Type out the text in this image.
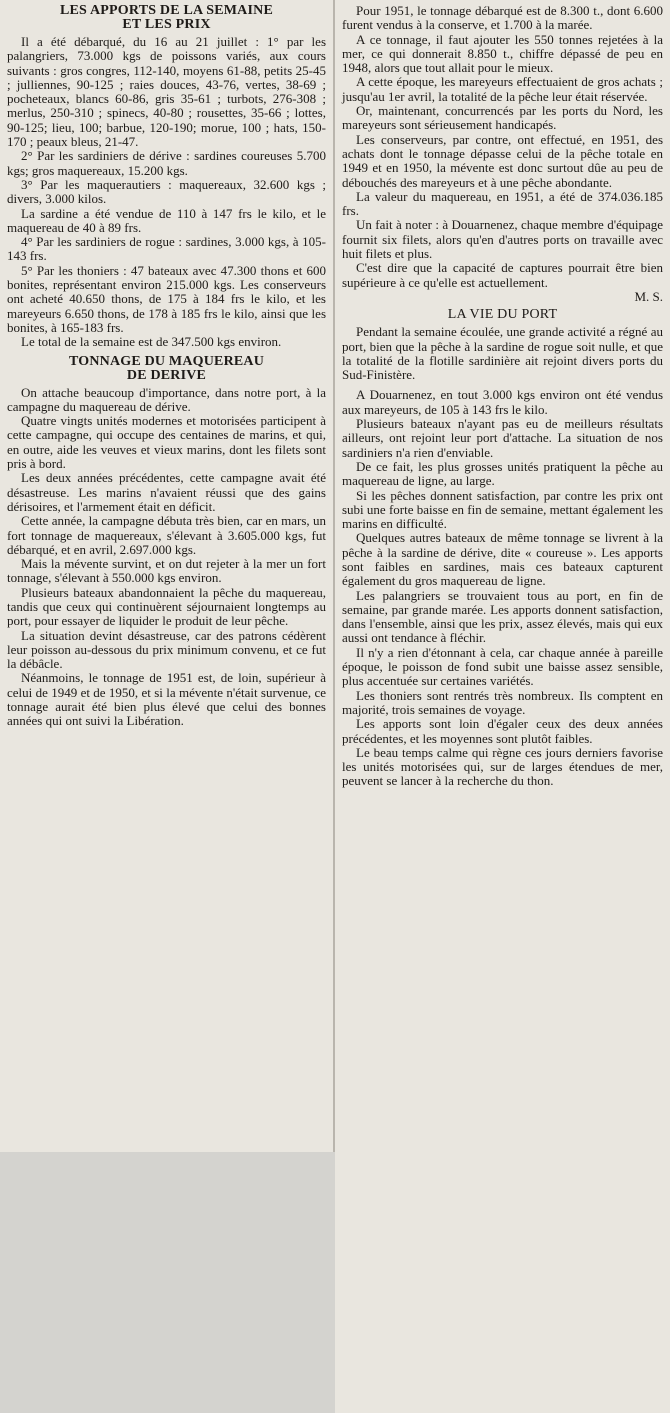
LES APPORTS DE LA SEMAINE
ET LES PRIX

Il a été débarqué, du 16 au 21 juillet : 1° par les palangriers, 73.000 kgs de poissons variés, aux cours suivants : gros congres, 112-140, moyens 61-88, petits 25-45 ; julliennes, 90-125 ; raies douces, 43-76, vertes, 38-69 ; pocheteaux, blancs 60-86, gris 35-61 ; turbots, 276-308 ; merlus, 250-310 ; spinecs, 40-80 ; rousettes, 35-66 ; lottes, 90-125; lieu, 100; barbue, 120-190; morue, 100 ; hats, 150-170 ; peaux bleus, 21-47.

2° Par les sardiniers de dérive : sardines coureuses 5.700 kgs; gros maquereaux, 15.200 kgs.

3° Par les maquerautiers : maquereaux, 32.600 kgs ; divers, 3.000 kilos.

La sardine a été vendue de 110 à 147 frs le kilo, et le maquereau de 40 à 89 frs.

4° Par les sardiniers de rogue : sardines, 3.000 kgs, à 105-143 frs.

5° Par les thoniers : 47 bateaux avec 47.300 thons et 600 bonites, représentant environ 215.000 kgs. Les conserveurs ont acheté 40.650 thons, de 175 à 184 frs le kilo, et les mareyeurs 6.650 thons, de 178 à 185 frs le kilo, ainsi que les bonites, à 165-183 frs.

Le total de la semaine est de 347.500 kgs environ.

TONNAGE DU MAQUEREAU
DE DERIVE

On attache beaucoup d'importance, dans notre port, à la campagne du maquereau de dérive.

Quatre vingts unités modernes et motorisées participent à cette campagne, qui occupe des centaines de marins, et qui, en outre, aide les veuves et vieux marins, dont les filets sont pris à bord.

Les deux années précédentes, cette campagne avait été désastreuse. Les marins n'avaient réussi que des gains dérisoires, et l'armement était en déficit.

Cette année, la campagne débuta très bien, car en mars, un fort tonnage de maquereaux, s'élevant à 3.605.000 kgs, fut débarqué, et en avril, 2.697.000 kgs.

Mais la mévente survint, et on dut rejeter à la mer un fort tonnage, s'élevant à 550.000 kgs environ.

Plusieurs bateaux abandonnaient la pêche du maquereau, tandis que ceux qui continuèrent séjournaient longtemps au port, pour essayer de liquider le produit de leur pêche.

La situation devint désastreuse, car des patrons cédèrent leur poisson au-dessous du prix minimum convenu, et ce fut la débâcle.

Néanmoins, le tonnage de 1951 est, de loin, supérieur à celui de 1949 et de 1950, et si la mévente n'était survenue, ce tonnage aurait été bien plus élevé que celui des bonnes années qui ont suivi la Libération.

Pour 1951, le tonnage débarqué est de 8.300 t., dont 6.600 furent vendus à la conserve, et 1.700 à la marée.

A ce tonnage, il faut ajouter les 550 tonnes rejetées à la mer, ce qui donnerait 8.850 t., chiffre dépassé de peu en 1948, alors que tout allait pour le mieux.

A cette époque, les mareyeurs effectuaient de gros achats ; jusqu'au 1er avril, la totalité de la pêche leur était réservée.

Or, maintenant, concurrencés par les ports du Nord, les mareyeurs sont sérieusement handicapés.

Les conserveurs, par contre, ont effectué, en 1951, des achats dont le tonnage dépasse celui de la pêche totale en 1949 et en 1950, la mévente est donc surtout dûe au peu de débouchés des mareyeurs et à une pêche abondante.

La valeur du maquereau, en 1951, a été de 374.036.185 frs.

Un fait à noter : à Douarnenez, chaque membre d'équipage fournit six filets, alors qu'en d'autres ports on travaille avec huit filets et plus.

C'est dire que la capacité de captures pourrait être bien supérieure à ce qu'elle est actuellement.

M. S.
LA VIE DU PORT

Pendant la semaine écoulée, une grande activité a régné au port, bien que la pêche à la sardine de rogue soit nulle, et que la totalité de la flotille sardinière ait rejoint divers ports du Sud-Finistère.

A Douarnenez, en tout 3.000 kgs environ ont été vendus aux mareyeurs, de 105 à 143 frs le kilo.

Plusieurs bateaux n'ayant pas eu de meilleurs résultats ailleurs, ont rejoint leur port d'attache. La situation de nos sardiniers n'a rien d'enviable.

De ce fait, les plus grosses unités pratiquent la pêche au maquereau de ligne, au large.

Si les pêches donnent satisfaction, par contre les prix ont subi une forte baisse en fin de semaine, mettant également les marins en difficulté.

Quelques autres bateaux de même tonnage se livrent à la pêche à la sardine de dérive, dite « coureuse ». Les apports sont faibles en sardines, mais ces bateaux capturent également du gros maquereau de ligne.

Les palangriers se trouvaient tous au port, en fin de semaine, par grande marée. Les apports donnent satisfaction, dans l'ensemble, ainsi que les prix, assez élevés, mais qui eux aussi ont tendance à fléchir.

Il n'y a rien d'étonnant à cela, car chaque année à pareille époque, le poisson de fond subit une baisse assez sensible, plus accentuée sur certaines variétés.

Les thoniers sont rentrés très nombreux. Ils comptent en majorité, trois semaines de voyage.

Les apports sont loin d'égaler ceux des deux années précédentes, et les moyennes sont plutôt faibles.

Le beau temps calme qui règne ces jours derniers favorise les unités motorisées qui, sur de larges étendues de mer, peuvent se lancer à la recherche du thon.
